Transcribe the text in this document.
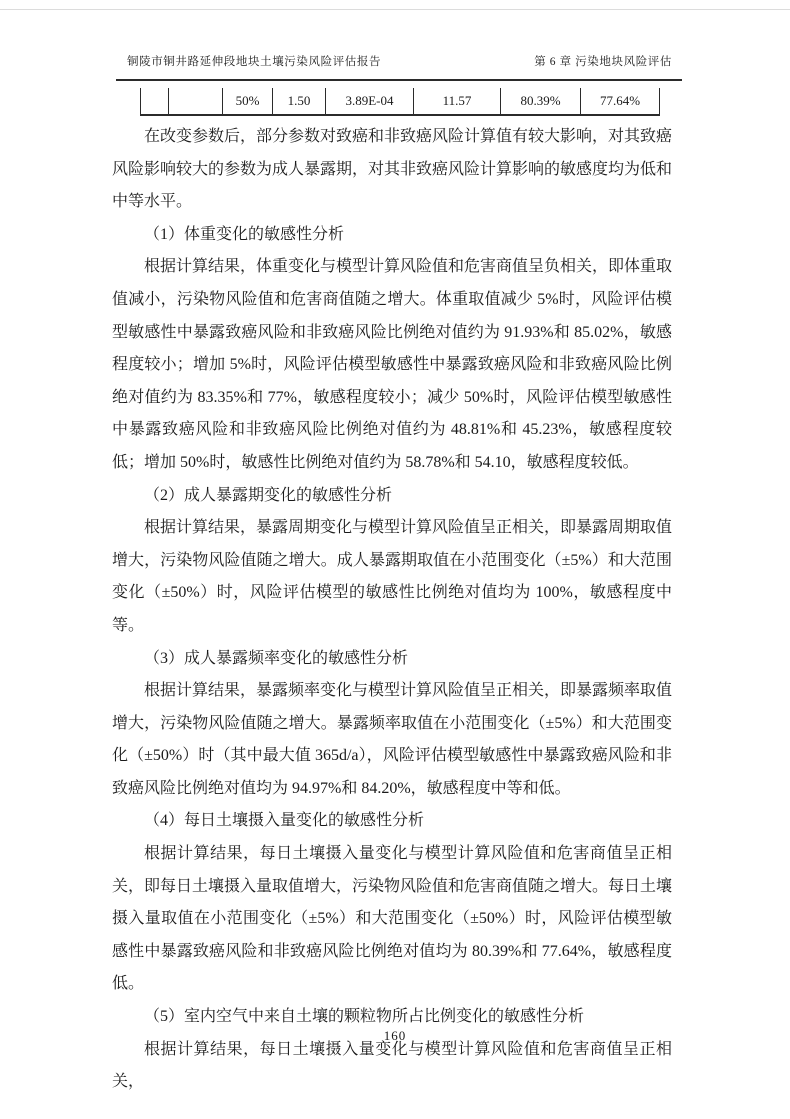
铜陵市铜井路延伸段地块土壤污染风险评估报告	第 6 章 污染地块风险评估
50%	1.50	3.89E-04	11.57	80.39%	77.64%

在改变参数后，部分参数对致癌和非致癌风险计算值有较大影响，对其致癌风险影响较大的参数为成人暴露期，对其非致癌风险计算影响的敏感度均为低和中等水平。

（1）体重变化的敏感性分析

根据计算结果，体重变化与模型计算风险值和危害商值呈负相关，即体重取值减小，污染物风险值和危害商值随之增大。体重取值减少 5%时，风险评估模型敏感性中暴露致癌风险和非致癌风险比例绝对值约为 91.93%和 85.02%，敏感程度较小；增加 5%时，风险评估模型敏感性中暴露致癌风险和非致癌风险比例绝对值约为 83.35%和 77%，敏感程度较小；减少 50%时，风险评估模型敏感性中暴露致癌风险和非致癌风险比例绝对值约为 48.81%和 45.23%，敏感程度较低；增加 50%时，敏感性比例绝对值约为 58.78%和 54.10，敏感程度较低。

（2）成人暴露期变化的敏感性分析

根据计算结果，暴露周期变化与模型计算风险值呈正相关，即暴露周期取值增大，污染物风险值随之增大。成人暴露期取值在小范围变化（±5%）和大范围变化（±50%）时，风险评估模型的敏感性比例绝对值均为 100%，敏感程度中等。

（3）成人暴露频率变化的敏感性分析

根据计算结果，暴露频率变化与模型计算风险值呈正相关，即暴露频率取值增大，污染物风险值随之增大。暴露频率取值在小范围变化（±5%）和大范围变化（±50%）时（其中最大值 365d/a），风险评估模型敏感性中暴露致癌风险和非致癌风险比例绝对值均为 94.97%和 84.20%，敏感程度中等和低。

（4）每日土壤摄入量变化的敏感性分析

根据计算结果，每日土壤摄入量变化与模型计算风险值和危害商值呈正相关，即每日土壤摄入量取值增大，污染物风险值和危害商值随之增大。每日土壤摄入量取值在小范围变化（±5%）和大范围变化（±50%）时，风险评估模型敏感性中暴露致癌风险和非致癌风险比例绝对值均为 80.39%和 77.64%，敏感程度低。

（5）室内空气中来自土壤的颗粒物所占比例变化的敏感性分析

根据计算结果，每日土壤摄入量变化与模型计算风险值和危害商值呈正相关，

160
